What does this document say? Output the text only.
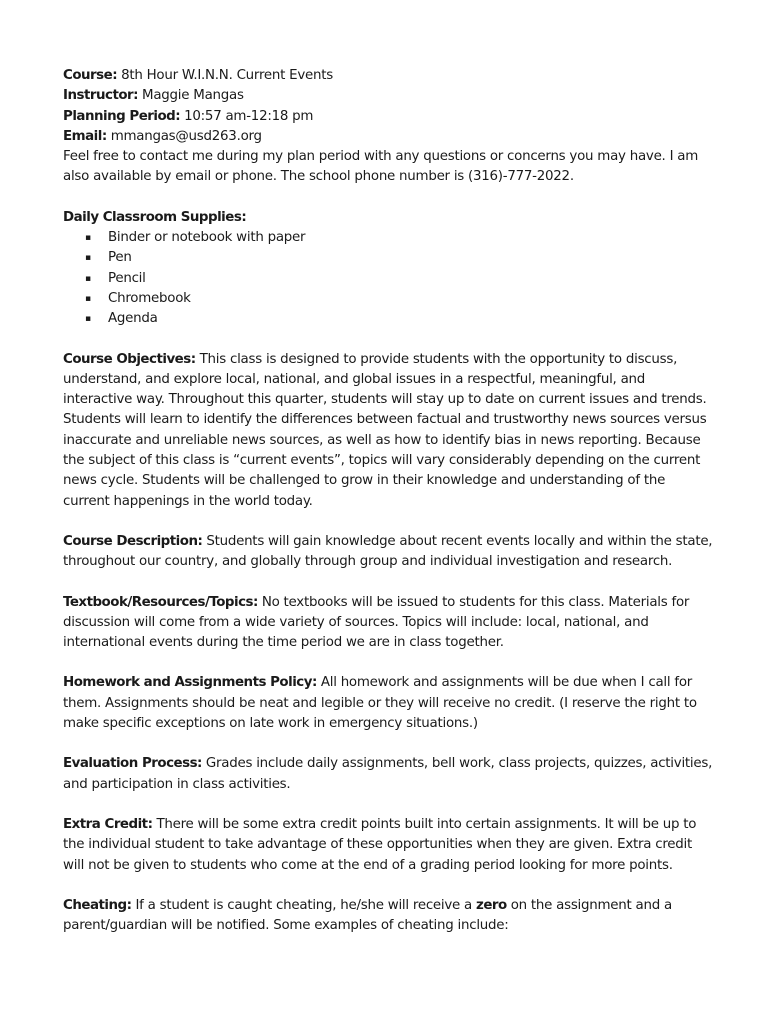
Course: 8th Hour W.I.N.N. Current Events
Instructor: Maggie Mangas
Planning Period: 10:57 am-12:18 pm
Email: mmangas@usd263.org

Feel free to contact me during my plan period with any questions or concerns you may have. I am also available by email or phone. The school phone number is (316)-777-2022.

Daily Classroom Supplies:
▪ Binder or notebook with paper
▪ Pen
▪ Pencil
▪ Chromebook
▪ Agenda

Course Objectives: This class is designed to provide students with the opportunity to discuss, understand, and explore local, national, and global issues in a respectful, meaningful, and interactive way. Throughout this quarter, students will stay up to date on current issues and trends. Students will learn to identify the differences between factual and trustworthy news sources versus inaccurate and unreliable news sources, as well as how to identify bias in news reporting. Because the subject of this class is “current events”, topics will vary considerably depending on the current news cycle. Students will be challenged to grow in their knowledge and understanding of the current happenings in the world today.

Course Description: Students will gain knowledge about recent events locally and within the state, throughout our country, and globally through group and individual investigation and research.

Textbook/Resources/Topics: No textbooks will be issued to students for this class. Materials for discussion will come from a wide variety of sources. Topics will include: local, national, and international events during the time period we are in class together.

Homework and Assignments Policy: All homework and assignments will be due when I call for them. Assignments should be neat and legible or they will receive no credit. (I reserve the right to make specific exceptions on late work in emergency situations.)

Evaluation Process: Grades include daily assignments, bell work, class projects, quizzes, activities, and participation in class activities.

Extra Credit: There will be some extra credit points built into certain assignments. It will be up to the individual student to take advantage of these opportunities when they are given. Extra credit will not be given to students who come at the end of a grading period looking for more points.

Cheating: If a student is caught cheating, he/she will receive a zero on the assignment and a parent/guardian will be notified. Some examples of cheating include:
